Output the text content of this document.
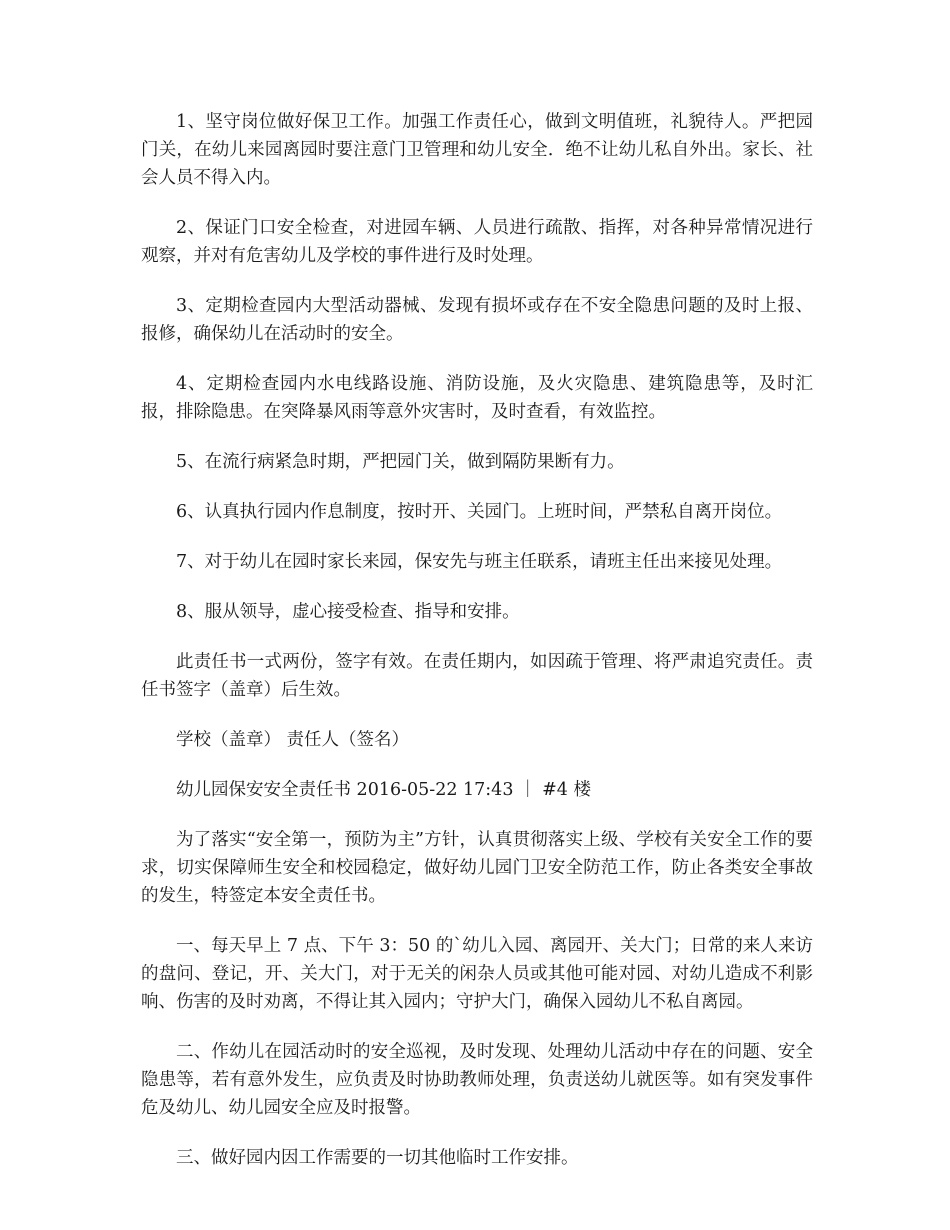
1、坚守岗位做好保卫工作。加强工作责任心，做到文明值班，礼貌待人。严把园门关，在幼儿来园离园时要注意门卫管理和幼儿安全．绝不让幼儿私自外出。家长、社会人员不得入内。

2、保证门口安全检查，对进园车辆、人员进行疏散、指挥，对各种异常情况进行观察，并对有危害幼儿及学校的事件进行及时处理。

3、定期检查园内大型活动器械、发现有损坏或存在不安全隐患问题的及时上报、报修，确保幼儿在活动时的安全。

4、定期检查园内水电线路设施、消防设施，及火灾隐患、建筑隐患等，及时汇报，排除隐患。在突降暴风雨等意外灾害时，及时查看，有效监控。

5、在流行病紧急时期，严把园门关，做到隔防果断有力。

6、认真执行园内作息制度，按时开、关园门。上班时间，严禁私自离开岗位。

7、对于幼儿在园时家长来园，保安先与班主任联系，请班主任出来接见处理。

8、服从领导，虚心接受检查、指导和安排。

此责任书一式两份，签字有效。在责任期内，如因疏于管理、将严肃追究责任。责任书签字（盖章）后生效。

学校（盖章） 责任人（签名）

幼儿园保安安全责任书 2016-05-22 17:43 ｜ #4 楼

为了落实“安全第一，预防为主”方针，认真贯彻落实上级、学校有关安全工作的要求，切实保障师生安全和校园稳定，做好幼儿园门卫安全防范工作，防止各类安全事故的发生，特签定本安全责任书。

一、每天早上 7 点、下午 3：50 的`幼儿入园、离园开、关大门；日常的来人来访的盘问、登记，开、关大门，对于无关的闲杂人员或其他可能对园、对幼儿造成不利影响、伤害的及时劝离，不得让其入园内；守护大门，确保入园幼儿不私自离园。

二、作幼儿在园活动时的安全巡视，及时发现、处理幼儿活动中存在的问题、安全隐患等，若有意外发生，应负责及时协助教师处理，负责送幼儿就医等。如有突发事件危及幼儿、幼儿园安全应及时报警。

三、做好园内因工作需要的一切其他临时工作安排。
